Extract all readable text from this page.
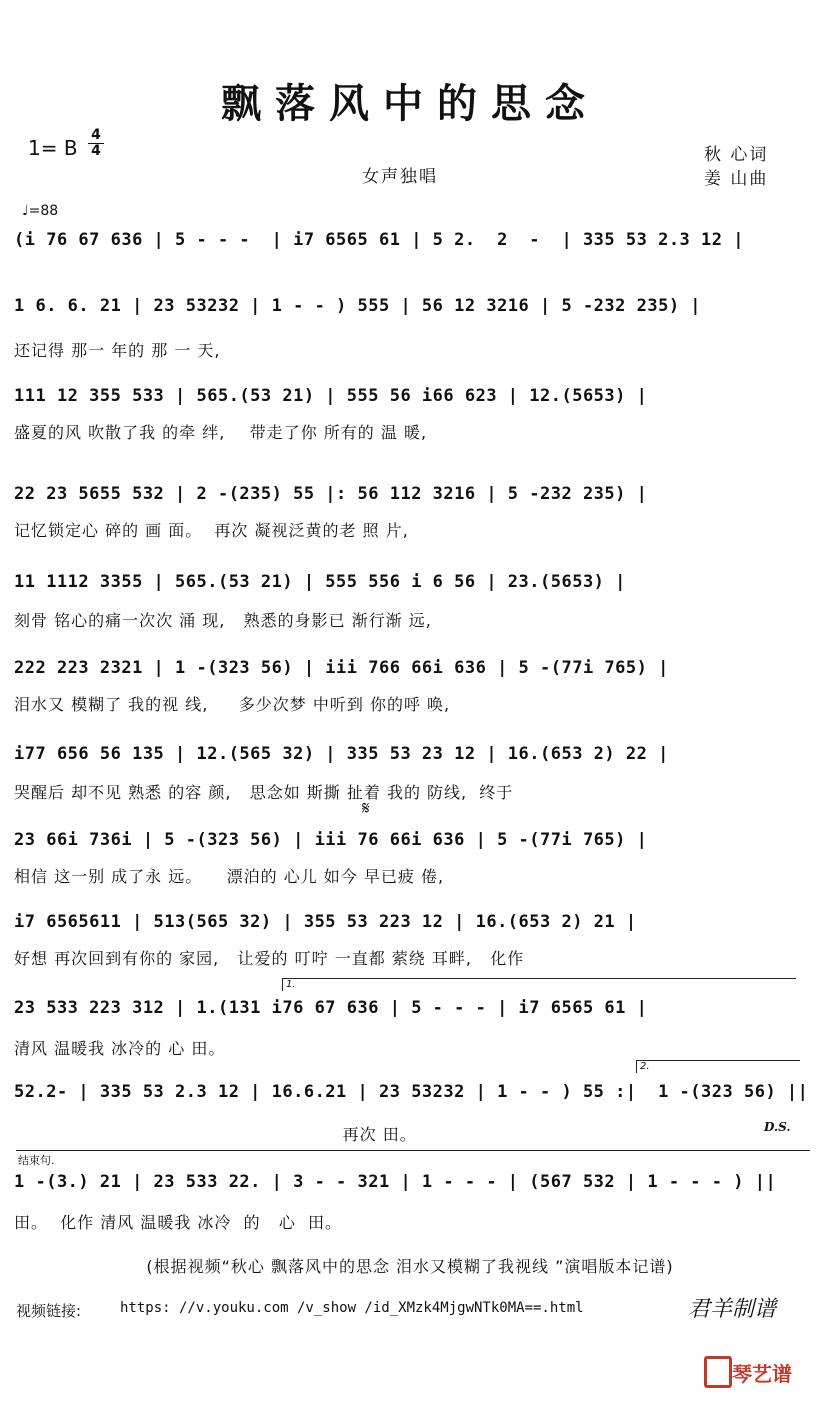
飘落风中的思念
1= B
4
4
女声独唱
秋 心词
姜 山曲
♩=88
𝄋
(i 76 67 636 | 5 - - -  | i7 6565 61 | 5 2.  2  -  | 335 53 2.3 12 |
1 6. 6. 21 | 23 53232 | 1 - - ) 555 | 56 12 3216 | 5 -232 235) |
还记得 那一 年的 那 一 天,
111 12 355 533 | 565.(53 21) | 555 56 i66 623 | 12.(5653) |
盛夏的风 吹散了我 的牵 绊,    带走了你 所有的 温 暖,
22 23 5655 532 | 2 -(235) 55 |: 56 112 3216 | 5 -232 235) |
记忆锁定心 碎的 画 面。  再次 凝视泛黄的老 照 片,
11 1112 3355 | 565.(53 21) | 555 556 i 6 56 | 23.(5653) |
刻骨 铭心的痛一次次 涌 现,   熟悉的身影已 渐行渐 远,
222 223 2321 | 1 -(323 56) | iii 766 66i 636 | 5 -(77i 765) |
泪水又 模糊了 我的视 线,     多少次梦 中听到 你的呼 唤,
i77 656 56 135 | 12.(565 32) | 335 53 23 12 | 16.(653 2) 22 |
哭醒后 却不见 熟悉 的容 颜,   思念如 斯撕 扯着 我的 防线,  终于
23 66i 736i | 5 -(323 56) | iii 76 66i 636 | 5 -(77i 765) |
相信 这一别 成了永 远。    漂泊的 心儿 如今 早已疲 倦,
i7 6565611 | 513(565 32) | 355 53 223 12 | 16.(653 2) 21 |
好想 再次回到有你的 家园,   让爱的 叮咛 一直都 萦绕 耳畔,   化作
1.
23 533 223 312 | 1.(131 i76 67 636 | 5 - - - | i7 6565 61 |
清风 温暖我 冰冷的 心 田。
2.
52.2- | 335 53 2.3 12 | 16.6.21 | 23 53232 | 1 - - ) 55 :|  1 -(323 56) ||
再次 田。	D.S.
结束句.
1 -(3.) 21 | 23 533 22. | 3 - - 321 | 1 - - - | (567 532 | 1 - - - ) ||
田。  化作 清风 温暖我 冰冷  的   心  田。
(根据视频“秋心 飘落风中的思念 泪水又模糊了我视线 ”演唱版本记谱)
视频链接:	https: //v.youku.com /v_show /id_XMzk4MjgwNTk0MA==.html	君羊制谱
琴艺谱
